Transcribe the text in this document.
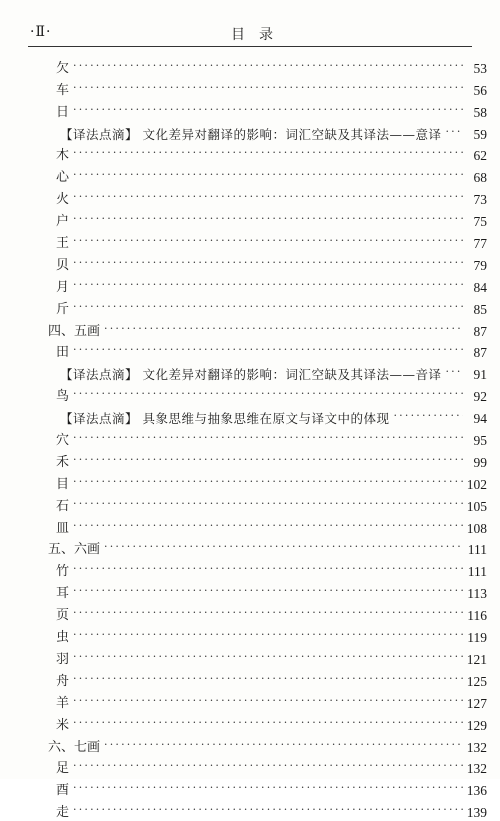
·Ⅱ·	目录
欠 ·····	53
车 ·····	56
日 ·····	58
【译法点滴】 文化差异对翻译的影响：词汇空缺及其译法——意译 ·····	59
木 ·····	62
心 ·····	68
火 ·····	73
户 ·····	75
王 ·····	77
贝 ·····	79
月 ·····	84
斤 ·····	85
四、五画 ·····	87
田 ·····	87
【译法点滴】 文化差异对翻译的影响：词汇空缺及其译法——音译 ·····	91
鸟 ·····	92
【译法点滴】 具象思维与抽象思维在原文与译文中的体现 ·····	94
穴 ·····	95
禾 ·····	99
目 ·····	102
石 ·····	105
皿 ·····	108
五、六画 ·····	111
竹 ·····	111
耳 ·····	113
页 ·····	116
虫 ·····	119
羽 ·····	121
舟 ·····	125
羊 ·····	127
米 ·····	129
六、七画 ·····	132
足 ·····	132
酉 ·····	136
走 ·····	139
